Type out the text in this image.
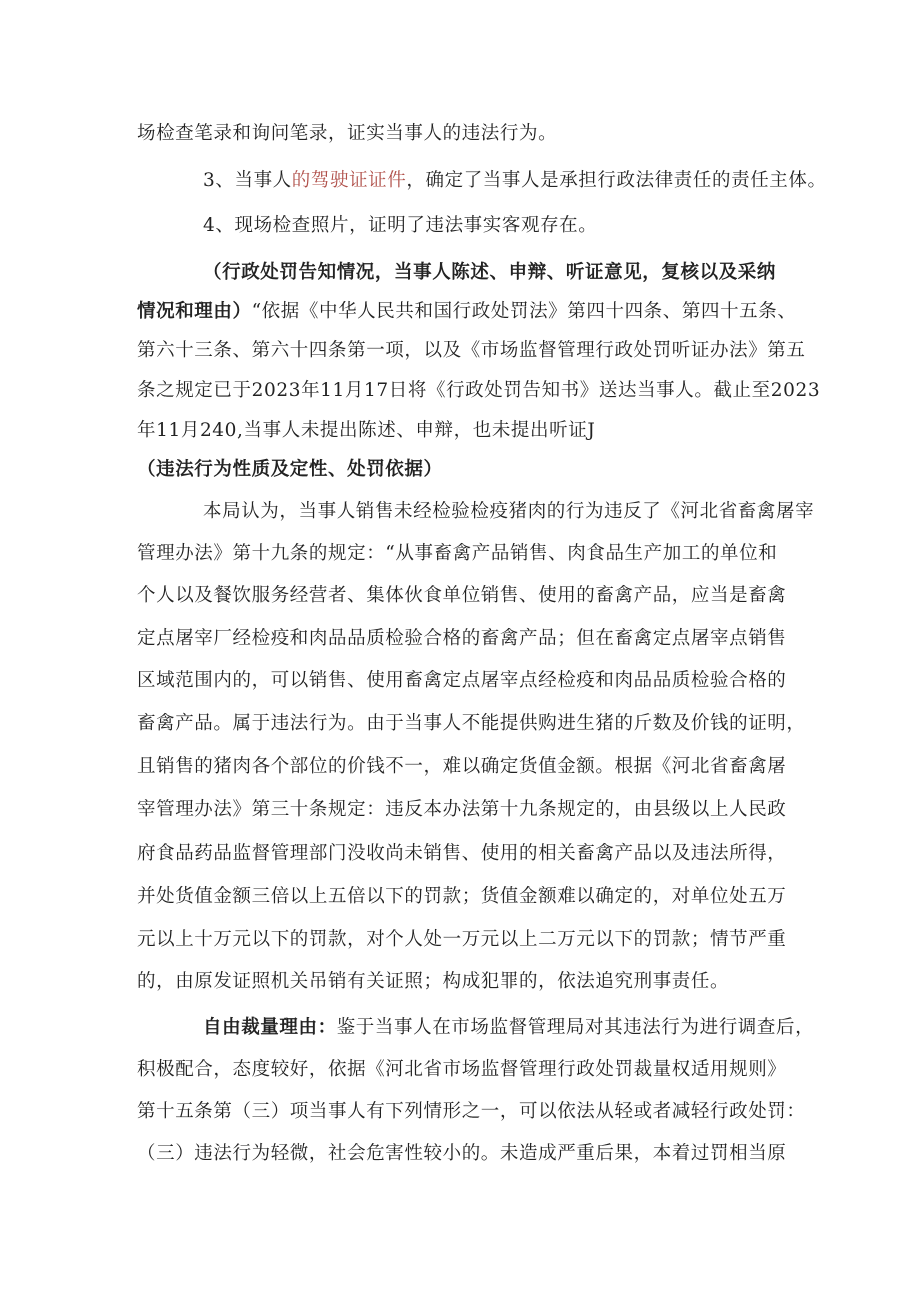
场检查笔录和询问笔录，证实当事人的违法行为。
3、当事人的驾驶证证件，确定了当事人是承担行政法律责任的责任主体。
4、现场检查照片，证明了违法事实客观存在。
（行政处罚告知情况，当事人陈述、申辩、听证意见，复核以及采纳
情况和理由）“依据《中华人民共和国行政处罚法》第四十四条、第四十五条、
第六十三条、第六十四条第一项，以及《市场监督管理行政处罚听证办法》第五
条之规定已于2023年11月17日将《行政处罚告知书》送达当事人。截止至2023
年11月240,当事人未提出陈述、申辩，也未提出听证J
（违法行为性质及定性、处罚依据）
本局认为，当事人销售未经检验检疫猪肉的行为违反了《河北省畜禽屠宰
管理办法》第十九条的规定：“从事畜禽产品销售、肉食品生产加工的单位和
个人以及餐饮服务经营者、集体伙食单位销售、使用的畜禽产品，应当是畜禽
定点屠宰厂经检疫和肉品品质检验合格的畜禽产品；但在畜禽定点屠宰点销售
区域范围内的，可以销售、使用畜禽定点屠宰点经检疫和肉品品质检验合格的
畜禽产品。属于违法行为。由于当事人不能提供购进生猪的斤数及价钱的证明，
且销售的猪肉各个部位的价钱不一，难以确定货值金额。根据《河北省畜禽屠
宰管理办法》第三十条规定：违反本办法第十九条规定的，由县级以上人民政
府食品药品监督管理部门没收尚未销售、使用的相关畜禽产品以及违法所得，
并处货值金额三倍以上五倍以下的罚款；货值金额难以确定的，对单位处五万
元以上十万元以下的罚款，对个人处一万元以上二万元以下的罚款；情节严重
的，由原发证照机关吊销有关证照；构成犯罪的，依法追究刑事责任。
自由裁量理由：鉴于当事人在市场监督管理局对其违法行为进行调查后，
积极配合，态度较好，依据《河北省市场监督管理行政处罚裁量权适用规则》
第十五条第（三）项当事人有下列情形之一，可以依法从轻或者减轻行政处罚：
（三）违法行为轻微，社会危害性较小的。未造成严重后果，本着过罚相当原
